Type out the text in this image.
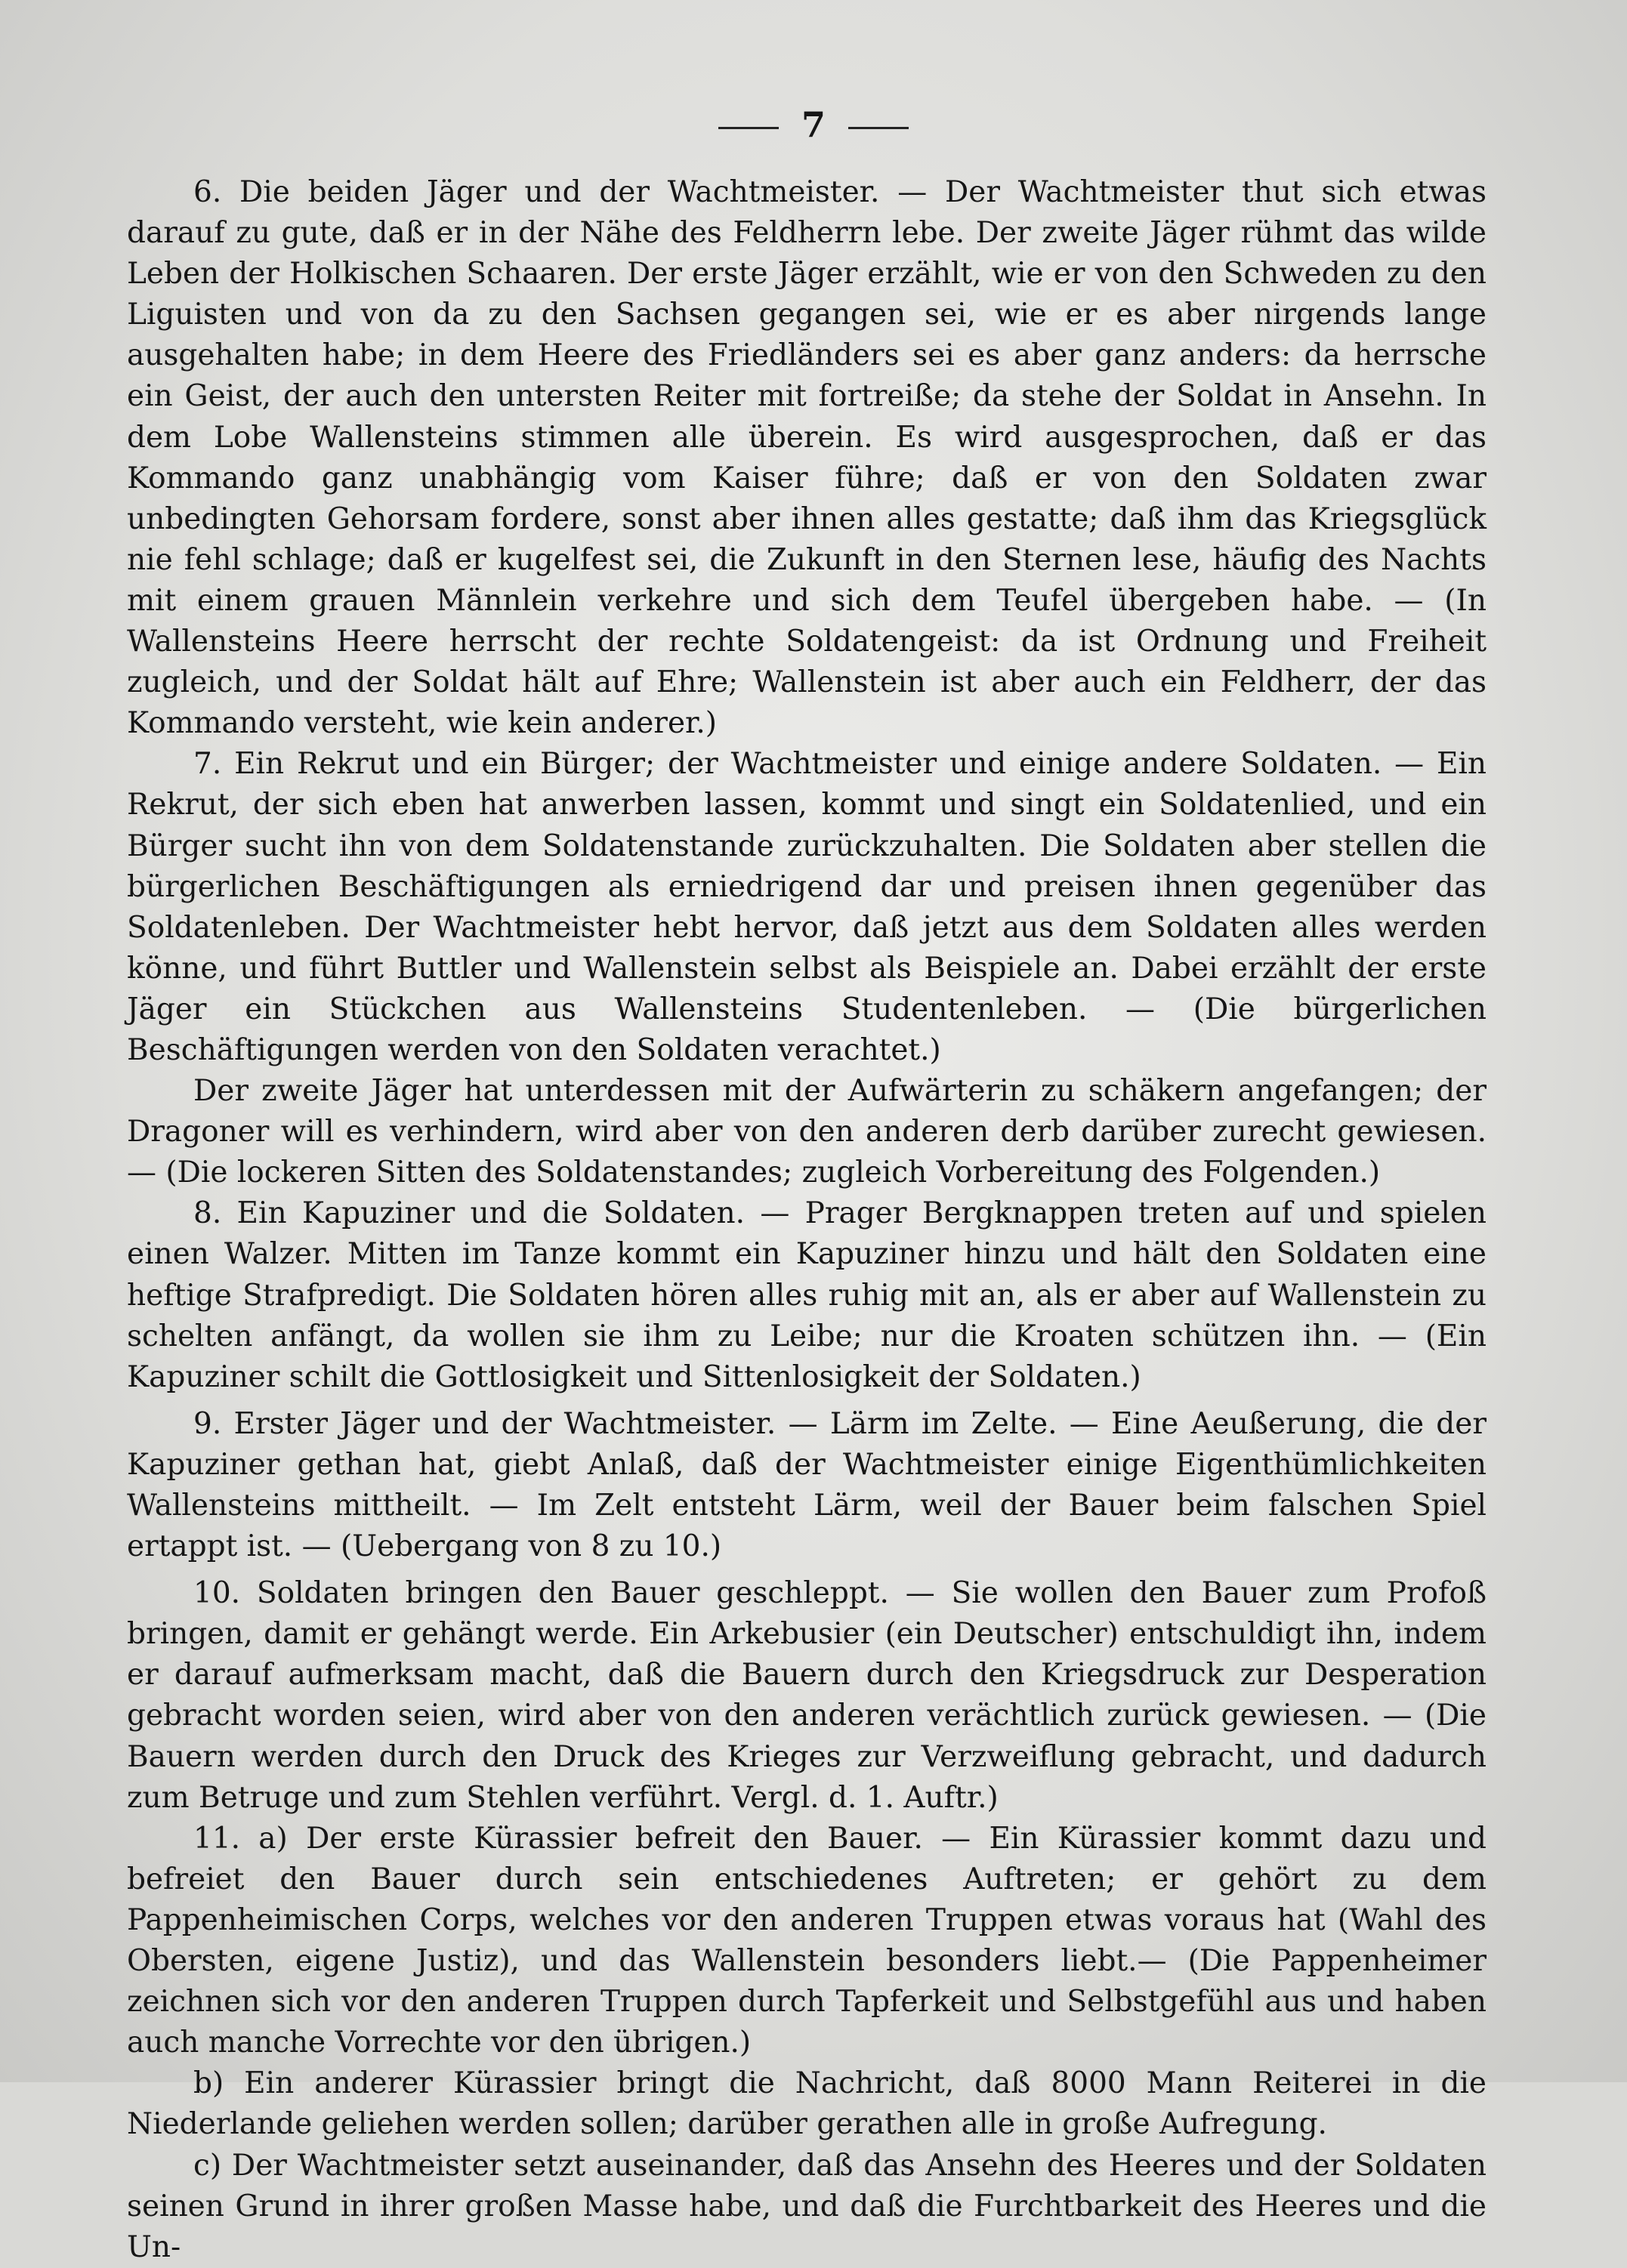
7

6. Die beiden Jäger und der Wachtmeister. — Der Wachtmeister thut sich etwas darauf zu gute, daß er in der Nähe des Feldherrn lebe. Der zweite Jäger rühmt das wilde Leben der Holkischen Schaaren. Der erste Jäger erzählt, wie er von den Schweden zu den Liguisten und von da zu den Sachsen gegangen sei, wie er es aber nirgends lange ausgehalten habe; in dem Heere des Friedländers sei es aber ganz anders: da herrsche ein Geist, der auch den untersten Reiter mit fortreiße; da stehe der Soldat in Ansehn. In dem Lobe Wallensteins stimmen alle überein. Es wird ausgesprochen, daß er das Kommando ganz unabhängig vom Kaiser führe; daß er von den Soldaten zwar unbedingten Gehorsam fordere, sonst aber ihnen alles gestatte; daß ihm das Kriegsglück nie fehl schlage; daß er kugelfest sei, die Zukunft in den Sternen lese, häufig des Nachts mit einem grauen Männlein verkehre und sich dem Teufel übergeben habe. — (In Wallensteins Heere herrscht der rechte Soldatengeist: da ist Ordnung und Freiheit zugleich, und der Soldat hält auf Ehre; Wallenstein ist aber auch ein Feldherr, der das Kommando versteht, wie kein anderer.)

7. Ein Rekrut und ein Bürger; der Wachtmeister und einige andere Soldaten. — Ein Rekrut, der sich eben hat anwerben lassen, kommt und singt ein Soldatenlied, und ein Bürger sucht ihn von dem Soldatenstande zurückzuhalten. Die Soldaten aber stellen die bürgerlichen Beschäftigungen als erniedrigend dar und preisen ihnen gegenüber das Soldatenleben. Der Wachtmeister hebt hervor, daß jetzt aus dem Soldaten alles werden könne, und führt Buttler und Wallenstein selbst als Beispiele an. Dabei erzählt der erste Jäger ein Stückchen aus Wallensteins Studentenleben. — (Die bürgerlichen Beschäftigungen werden von den Soldaten verachtet.)

Der zweite Jäger hat unterdessen mit der Aufwärterin zu schäkern angefangen; der Dragoner will es verhindern, wird aber von den anderen derb darüber zurecht gewiesen. — (Die lockeren Sitten des Soldatenstandes; zugleich Vorbereitung des Folgenden.)

8. Ein Kapuziner und die Soldaten. — Prager Bergknappen treten auf und spielen einen Walzer. Mitten im Tanze kommt ein Kapuziner hinzu und hält den Soldaten eine heftige Strafpredigt. Die Soldaten hören alles ruhig mit an, als er aber auf Wallenstein zu schelten anfängt, da wollen sie ihm zu Leibe; nur die Kroaten schützen ihn. — (Ein Kapuziner schilt die Gottlosigkeit und Sittenlosigkeit der Soldaten.)

9. Erster Jäger und der Wachtmeister. — Lärm im Zelte. — Eine Aeußerung, die der Kapuziner gethan hat, giebt Anlaß, daß der Wachtmeister einige Eigenthümlichkeiten Wallensteins mittheilt. — Im Zelt entsteht Lärm, weil der Bauer beim falschen Spiel ertappt ist. — (Uebergang von 8 zu 10.)

10. Soldaten bringen den Bauer geschleppt. — Sie wollen den Bauer zum Profoß bringen, damit er gehängt werde. Ein Arkebusier (ein Deutscher) entschuldigt ihn, indem er darauf aufmerksam macht, daß die Bauern durch den Kriegsdruck zur Desperation gebracht worden seien, wird aber von den anderen verächtlich zurück gewiesen. — (Die Bauern werden durch den Druck des Krieges zur Verzweiflung gebracht, und dadurch zum Betruge und zum Stehlen verführt. Vergl. d. 1. Auftr.)

11. a) Der erste Kürassier befreit den Bauer. — Ein Kürassier kommt dazu und befreiet den Bauer durch sein entschiedenes Auftreten; er gehört zu dem Pappenheimischen Corps, welches vor den anderen Truppen etwas voraus hat (Wahl des Obersten, eigene Justiz), und das Wallenstein besonders liebt.— (Die Pappenheimer zeichnen sich vor den anderen Truppen durch Tapferkeit und Selbstgefühl aus und haben auch manche Vorrechte vor den übrigen.)

b) Ein anderer Kürassier bringt die Nachricht, daß 8000 Mann Reiterei in die Niederlande geliehen werden sollen; darüber gerathen alle in große Aufregung.

c) Der Wachtmeister setzt auseinander, daß das Ansehn des Heeres und der Soldaten seinen Grund in ihrer großen Masse habe, und daß die Furchtbarkeit des Heeres und die Un-
